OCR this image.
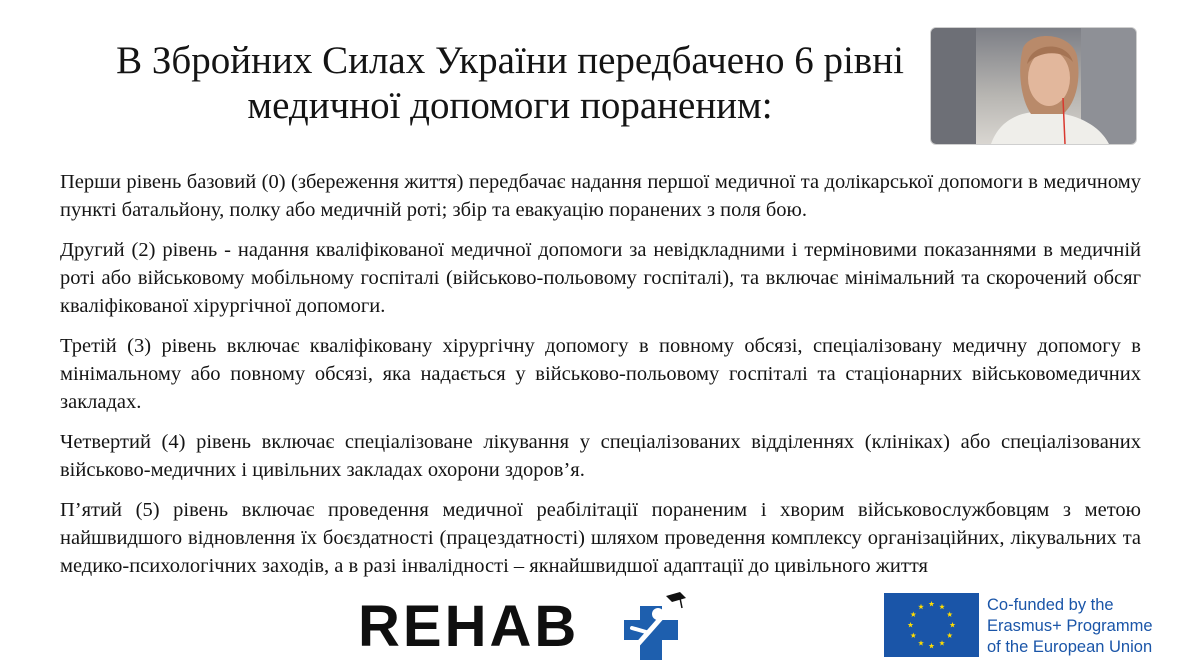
В Збройних Силах України передбачено 6 рівні
медичної допомоги пораненим:

Перши рівень базовий (0) (збереження життя) передбачає надання першої медичної та долікарської допомоги в медичному пункті батальйону, полку або медичній роті; збір та евакуацію поранених з поля бою.

Другий (2) рівень - надання кваліфікованої медичної допомоги за невідкладними і терміновими показаннями в медичній роті або військовому мобільному госпіталі (військово-польовому госпіталі), та включає мінімальний та скорочений обсяг кваліфікованої хірургічної допомоги.

Третій (3) рівень включає кваліфіковану хірургічну допомогу в повному обсязі, спеціалізовану медичну допомогу в мінімальному або повному обсязі, яка надається у військово-польовому госпіталі та стаціонарних військовомедичних закладах.

Четвертий (4) рівень включає спеціалізоване лікування у спеціалізованих відділеннях (клініках) або спеціалізованих військово-медичних і цивільних закладах охорони здоров’я.

П’ятий (5) рівень включає проведення медичної реабілітації пораненим і хворим військовослужбовцям з метою найшвидшого відновлення їх боєздатності (працездатності) шляхом проведення комплексу організаційних, лікувальних та медико-психологічних заходів, а в разі інвалідності – якнайшвидшої адаптації до цивільного життя

REHAB	Co-funded by the
Erasmus+ Programme
of the European Union
